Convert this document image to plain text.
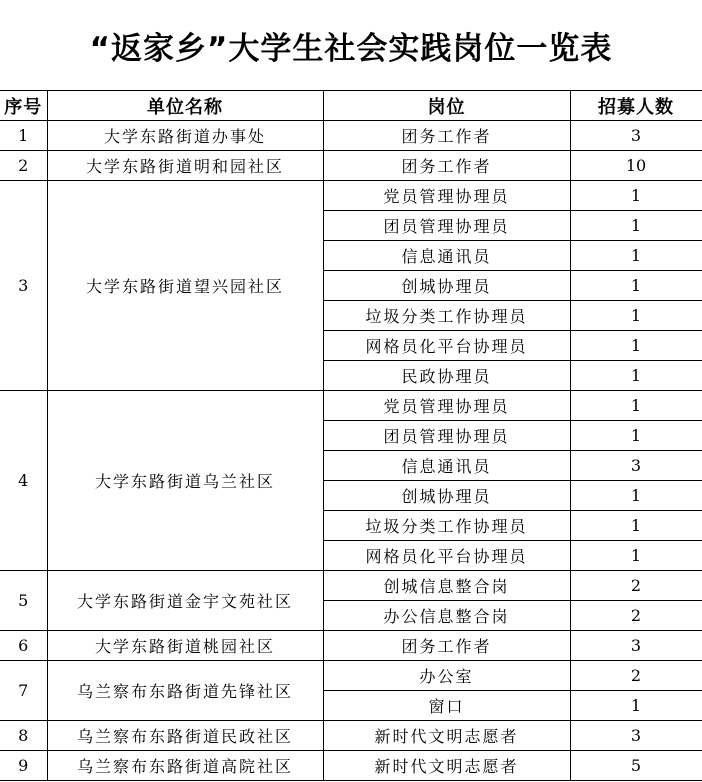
“返家乡”大学生社会实践岗位一览表
序号	单位名称	岗位	招募人数
1	大学东路街道办事处	团务工作者	3
2	大学东路街道明和园社区	团务工作者	10
3	大学东路街道望兴园社区	党员管理协理员	1
		团员管理协理员	1
		信息通讯员	1
		创城协理员	1
		垃圾分类工作协理员	1
		网格员化平台协理员	1
		民政协理员	1
4	大学东路街道乌兰社区	党员管理协理员	1
		团员管理协理员	1
		信息通讯员	3
		创城协理员	1
		垃圾分类工作协理员	1
		网格员化平台协理员	1
5	大学东路街道金宇文苑社区	创城信息整合岗	2
		办公信息整合岗	2
6	大学东路街道桃园社区	团务工作者	3
7	乌兰察布东路街道先锋社区	办公室	2
		窗口	1
8	乌兰察布东路街道民政社区	新时代文明志愿者	3
9	乌兰察布东路街道高院社区	新时代文明志愿者	5
